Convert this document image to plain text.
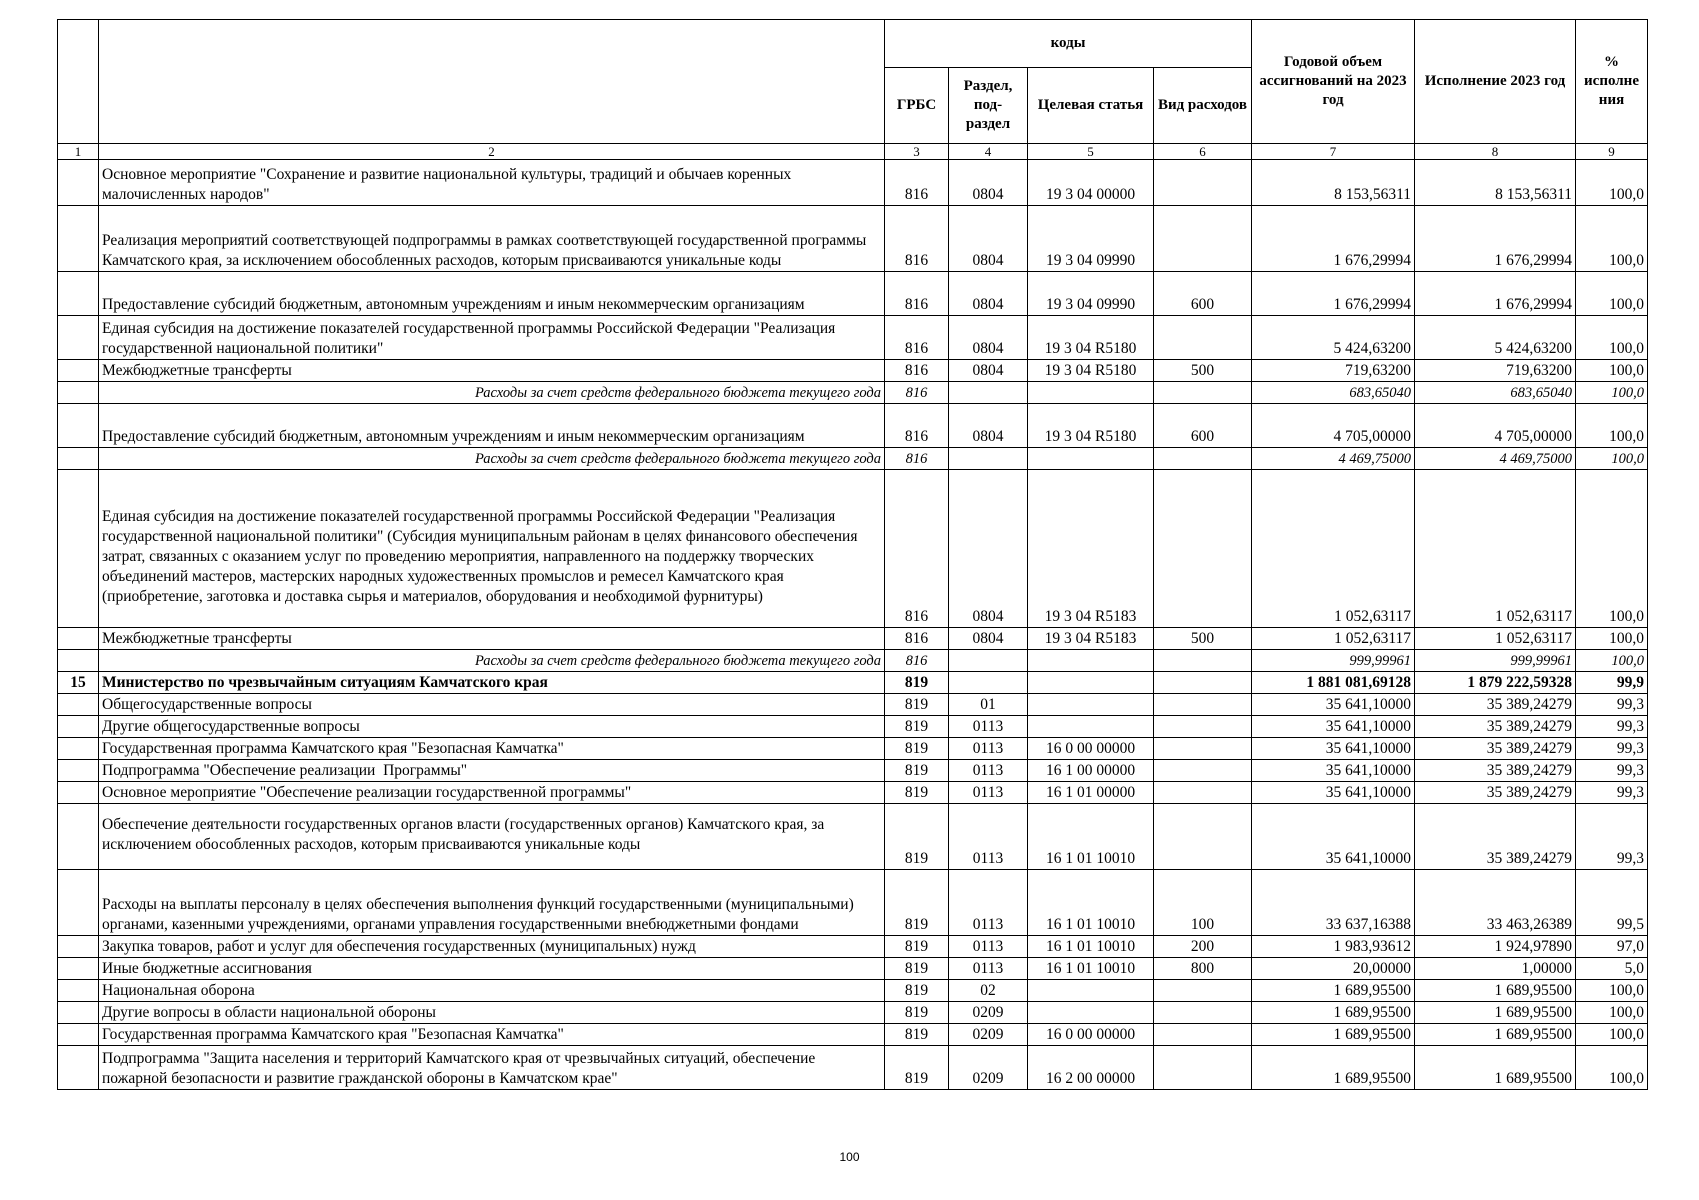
		коды				Годовой объем ассигнований на 2023 год	Исполнение 2023 год	% исполне ния
		ГРБС	Раздел, под-раздел	Целевая статья	Вид расходов			
1	2	3	4	5	6	7	8	9
	Основное мероприятие "Сохранение и развитие национальной культуры, традиций и обычаев коренных малочисленных народов"	816	0804	19 3 04 00000		8 153,56311	8 153,56311	100,0
	Реализация мероприятий соответствующей подпрограммы в рамках соответствующей государственной программы Камчатского края, за исключением обособленных расходов, которым присваиваются уникальные коды	816	0804	19 3 04 09990		1 676,29994	1 676,29994	100,0
	Предоставление субсидий бюджетным, автономным учреждениям и иным некоммерческим организациям	816	0804	19 3 04 09990	600	1 676,29994	1 676,29994	100,0
	Единая субсидия на достижение показателей государственной программы Российской Федерации "Реализация государственной национальной политики"	816	0804	19 3 04 R5180		5 424,63200	5 424,63200	100,0
	Межбюджетные трансферты	816	0804	19 3 04 R5180	500	719,63200	719,63200	100,0
	Расходы за счет средств федерального бюджета текущего года	816				683,65040	683,65040	100,0
	Предоставление субсидий бюджетным, автономным учреждениям и иным некоммерческим организациям	816	0804	19 3 04 R5180	600	4 705,00000	4 705,00000	100,0
	Расходы за счет средств федерального бюджета текущего года	816				4 469,75000	4 469,75000	100,0
	Единая субсидия на достижение показателей государственной программы Российской Федерации "Реализация государственной национальной политики" (Субсидия муниципальным районам в целях финансового обеспечения затрат, связанных с оказанием услуг по проведению мероприятия, направленного на поддержку творческих объединений мастеров, мастерских народных художественных промыслов и ремесел Камчатского края (приобретение, заготовка и доставка сырья и материалов, оборудования и необходимой фурнитуры)	816	0804	19 3 04 R5183		1 052,63117	1 052,63117	100,0
	Межбюджетные трансферты	816	0804	19 3 04 R5183	500	1 052,63117	1 052,63117	100,0
	Расходы за счет средств федерального бюджета текущего года	816				999,99961	999,99961	100,0
15	Министерство по чрезвычайным ситуациям Камчатского края	819				1 881 081,69128	1 879 222,59328	99,9
	Общегосударственные вопросы	819	01			35 641,10000	35 389,24279	99,3
	Другие общегосударственные вопросы	819	0113			35 641,10000	35 389,24279	99,3
	Государственная программа Камчатского края "Безопасная Камчатка"	819	0113	16 0 00 00000		35 641,10000	35 389,24279	99,3
	Подпрограмма "Обеспечение реализации  Программы"	819	0113	16 1 00 00000		35 641,10000	35 389,24279	99,3
	Основное мероприятие "Обеспечение реализации государственной программы"	819	0113	16 1 01 00000		35 641,10000	35 389,24279	99,3
	Обеспечение деятельности государственных органов власти (государственных органов) Камчатского края, за исключением обособленных расходов, которым присваиваются уникальные коды	819	0113	16 1 01 10010		35 641,10000	35 389,24279	99,3
	Расходы на выплаты персоналу в целях обеспечения выполнения функций государственными (муниципальными) органами, казенными учреждениями, органами управления государственными внебюджетными фондами	819	0113	16 1 01 10010	100	33 637,16388	33 463,26389	99,5
	Закупка товаров, работ и услуг для обеспечения государственных (муниципальных) нужд	819	0113	16 1 01 10010	200	1 983,93612	1 924,97890	97,0
	Иные бюджетные ассигнования	819	0113	16 1 01 10010	800	20,00000	1,00000	5,0
	Национальная оборона	819	02			1 689,95500	1 689,95500	100,0
	Другие вопросы в области национальной обороны	819	0209			1 689,95500	1 689,95500	100,0
	Государственная программа Камчатского края "Безопасная Камчатка"	819	0209	16 0 00 00000		1 689,95500	1 689,95500	100,0
	Подпрограмма "Защита населения и территорий Камчатского края от чрезвычайных ситуаций, обеспечение пожарной безопасности и развитие гражданской обороны в Камчатском крае"	819	0209	16 2 00 00000		1 689,95500	1 689,95500	100,0
100
